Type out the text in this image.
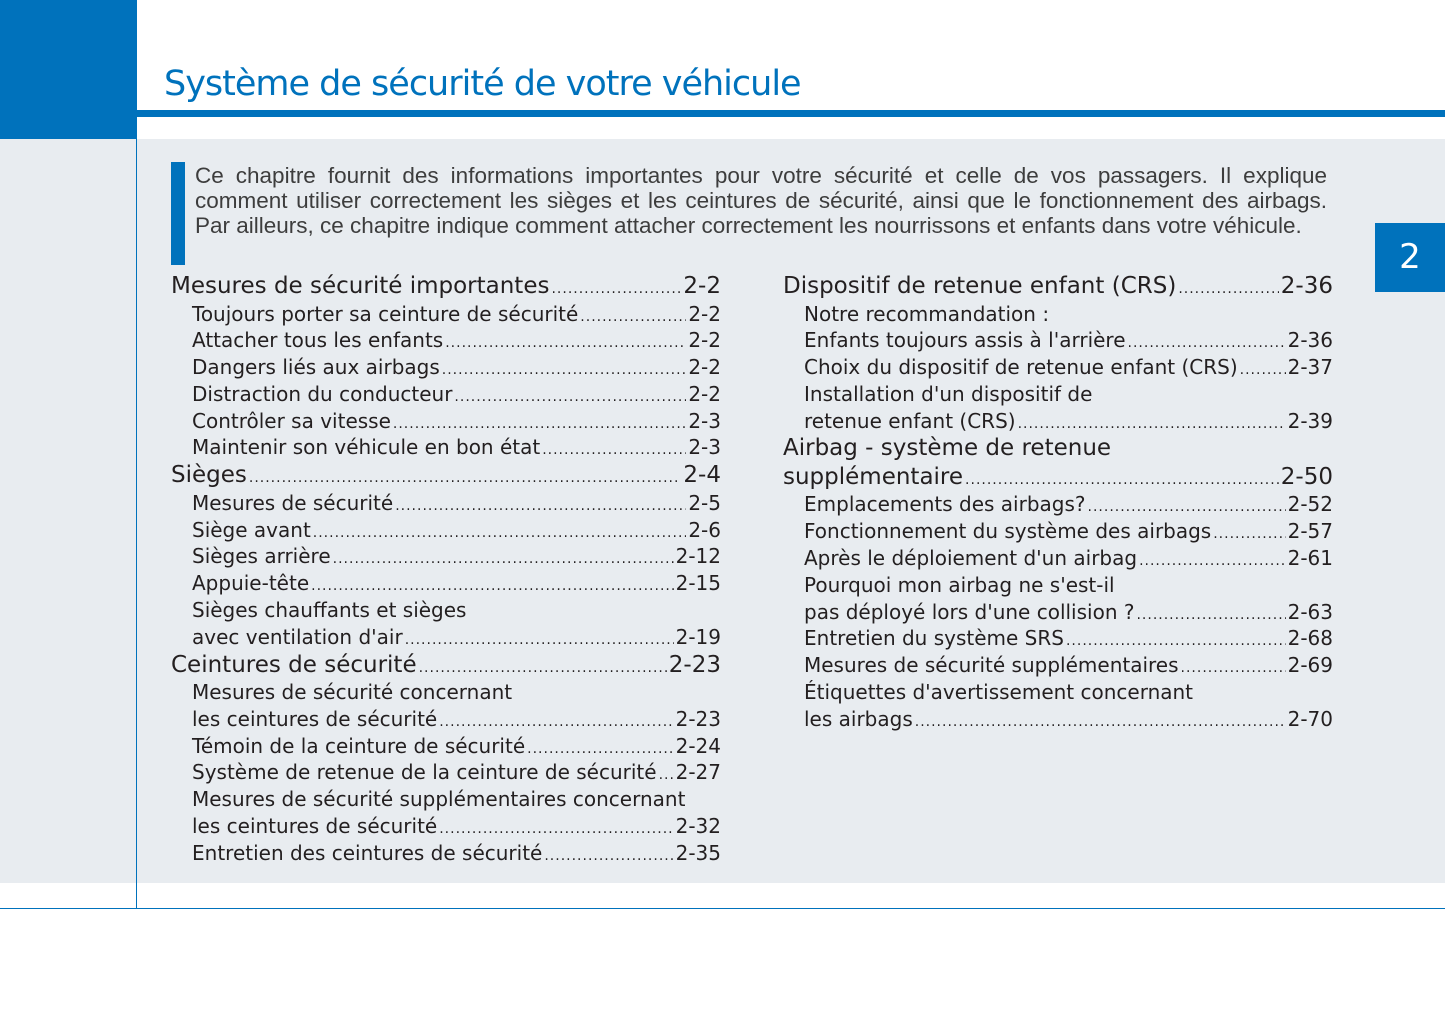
Système de sécurité de votre véhicule

Ce chapitre fournit des informations importantes pour votre sécurité et celle de vos passagers. Il explique comment utiliser correctement les sièges et les ceintures de sécurité, ainsi que le fonctionnement des airbags. Par ailleurs, ce chapitre indique comment attacher correctement les nourrissons et enfants dans votre véhicule.

2
Mesures de sécurité importantes .....	2-2
Toujours porter sa ceinture de sécurité .....	2-2
Attacher tous les enfants .....	2-2
Dangers liés aux airbags .....	2-2
Distraction du conducteur .....	2-2
Contrôler sa vitesse .....	2-3
Maintenir son véhicule en bon état .....	2-3
Sièges .....	2-4
Mesures de sécurité .....	2-5
Siège avant .....	2-6
Sièges arrière .....	2-12
Appuie-tête .....	2-15
Sièges chauffants et sièges
avec ventilation d'air .....	2-19
Ceintures de sécurité .....	2-23
Mesures de sécurité concernant
les ceintures de sécurité .....	2-23
Témoin de la ceinture de sécurité .....	2-24
Système de retenue de la ceinture de sécurité ..... 2-27
Mesures de sécurité supplémentaires concernant
les ceintures de sécurité .....	2-32
Entretien des ceintures de sécurité .....	2-35
Dispositif de retenue enfant (CRS) .....	2-36
Notre recommandation :
Enfants toujours assis à l'arrière .....	2-36
Choix du dispositif de retenue enfant (CRS) ..... 2-37
Installation d'un dispositif de
retenue enfant (CRS) .....	2-39
Airbag - système de retenue
supplémentaire .....	2-50
Emplacements des airbags? .....	2-52
Fonctionnement du système des airbags .....	2-57
Après le déploiement d'un airbag .....	2-61
Pourquoi mon airbag ne s'est-il
pas déployé lors d'une collision ? .....	2-63
Entretien du système SRS .....	2-68
Mesures de sécurité supplémentaires .....	2-69
Étiquettes d'avertissement concernant
les airbags .....	2-70
